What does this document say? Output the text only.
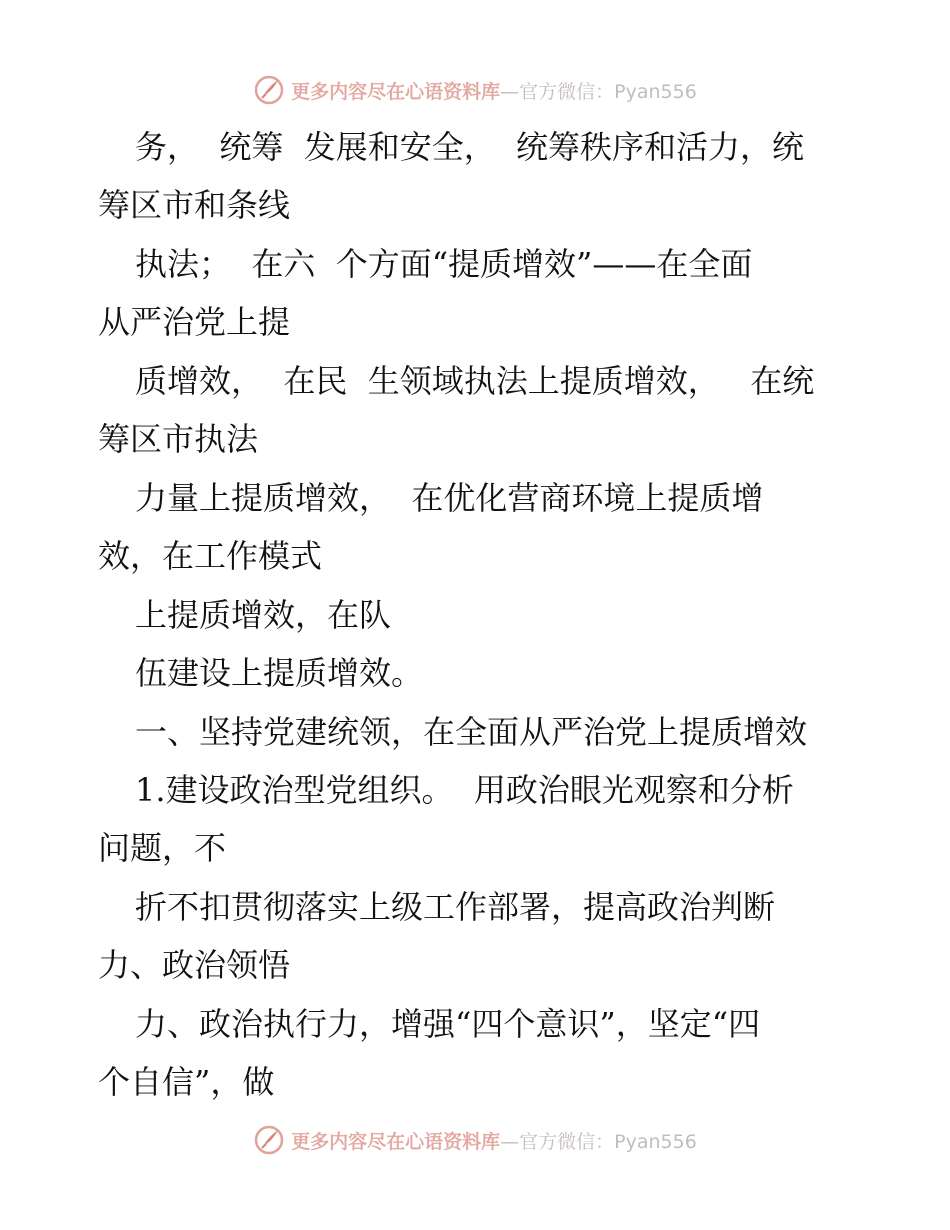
更多内容尽在心语资料库—官方微信：Pyan556
务，  统筹  发展和安全，  统筹秩序和活力，统
筹区市和条线
执法；  在六  个方面“提质增效”——在全面
从严治党上提
质增效，  在民  生领域执法上提质增效，   在统
筹区市执法
力量上提质增效，  在优化营商环境上提质增
效，在工作模式
上提质增效，在队
伍建设上提质增效。
一、坚持党建统领，在全面从严治党上提质增效
1.建设政治型党组织。  用政治眼光观察和分析
问题，不
折不扣贯彻落实上级工作部署，提高政治判断
力、政治领悟
力、政治执行力，增强“四个意识”，坚定“四
个自信”，做
更多内容尽在心语资料库—官方微信：Pyan556
